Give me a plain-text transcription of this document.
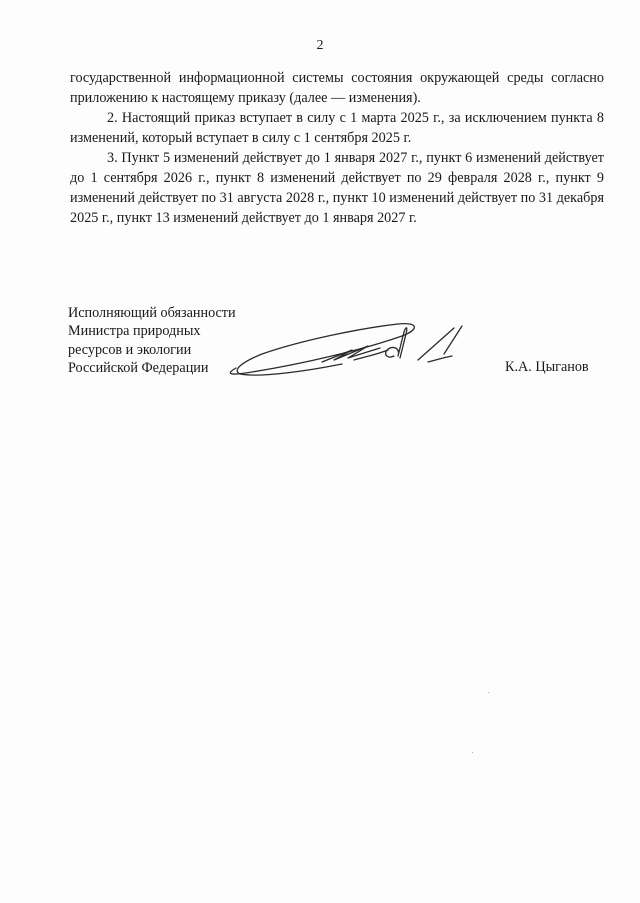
2

государственной информационной системы состояния окружающей среды согласно приложению к настоящему приказу (далее — изменения).

2. Настоящий приказ вступает в силу с 1 марта 2025 г., за исключением пункта 8 изменений, который вступает в силу с 1 сентября 2025 г.

3. Пункт 5 изменений действует до 1 января 2027 г., пункт 6 изменений действует до 1 сентября 2026 г., пункт 8 изменений действует по 29 февраля 2028 г., пункт 9 изменений действует по 31 августа 2028 г., пункт 10 изменений действует по 31 декабря 2025 г., пункт 13 изменений действует до 1 января 2027 г.

Исполняющий обязанности
Министра природных
ресурсов и экологии
Российской Федерации	К.А. Цыганов
